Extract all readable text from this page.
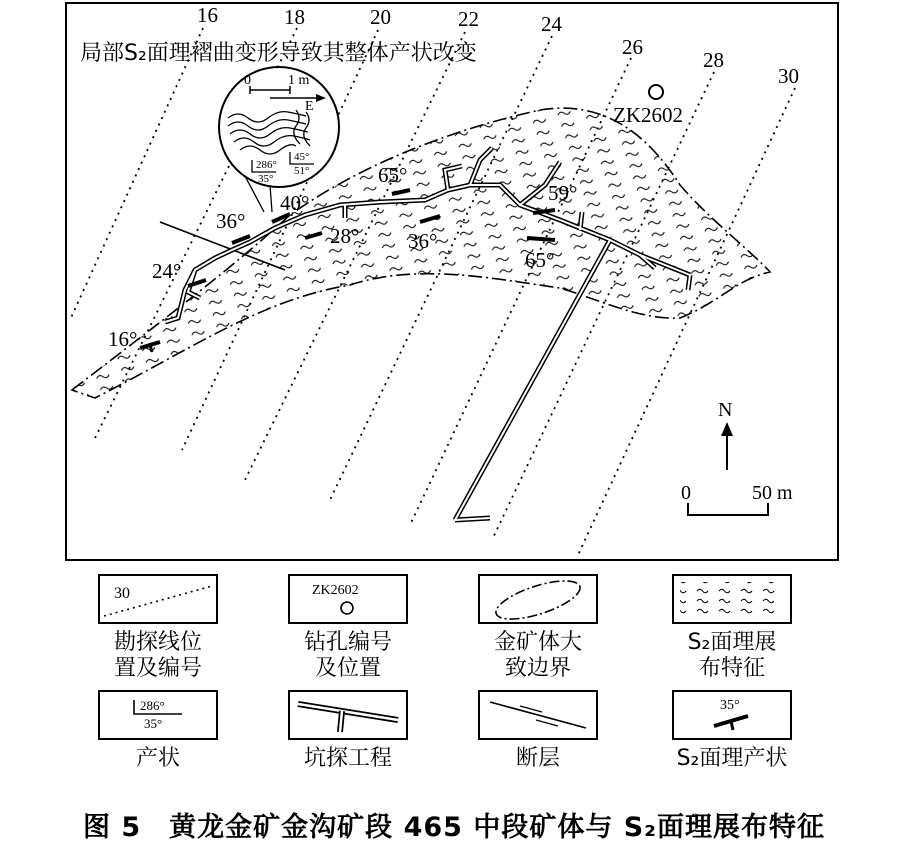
16	18	20	22	24
26
28
30
16°
24°
36°
40°
28°
65°
36°
59°
65°
ZK2602
局部S₂面理褶曲变形导致其整体产状改变
0	1 m
E
286°
35°
45°
51°
N
0	50 m
30
勘探线位
置及编号
ZK2602
钻孔编号
及位置
金矿体大
致边界
S₂面理展
布特征
286°
35°
产状	坑探工程	断层
35°
S₂面理产状
图 5　黄龙金矿金沟矿段 465 中段矿体与 S₂面理展布特征
